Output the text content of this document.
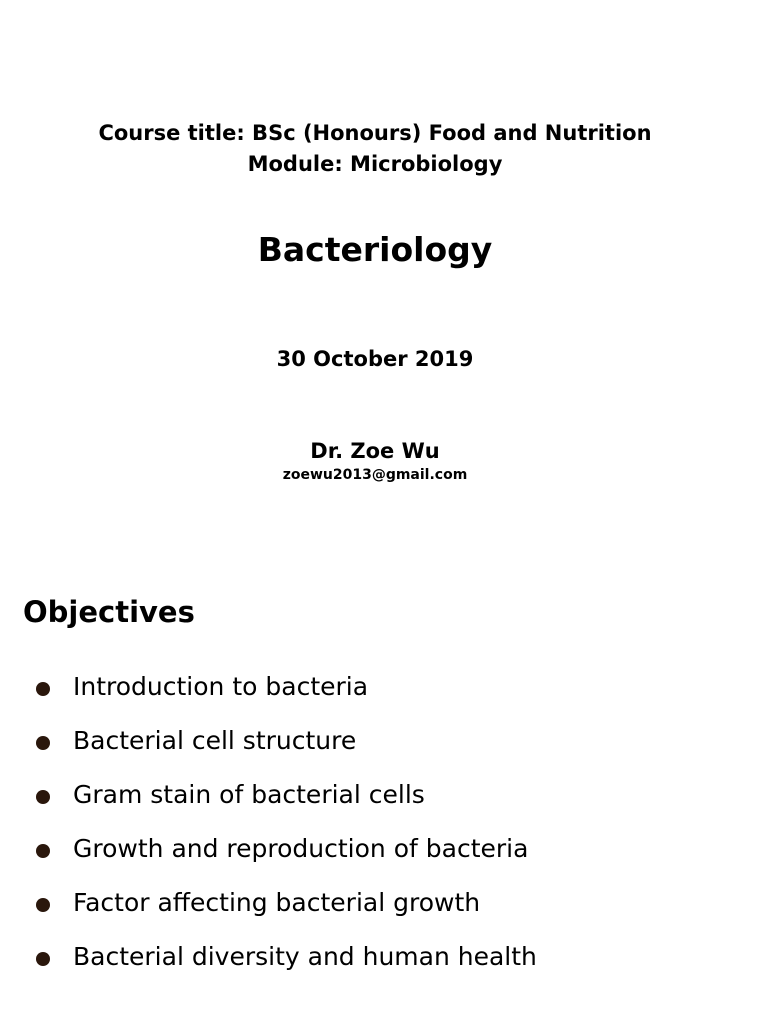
Course title: BSc (Honours) Food and Nutrition
Module: Microbiology
Bacteriology
30 October 2019
Dr. Zoe Wu
zoewu2013@gmail.com
Objectives
Introduction to bacteria
Bacterial cell structure
Gram stain of bacterial cells
Growth and reproduction of bacteria
Factor affecting bacterial growth
Bacterial diversity and human health
